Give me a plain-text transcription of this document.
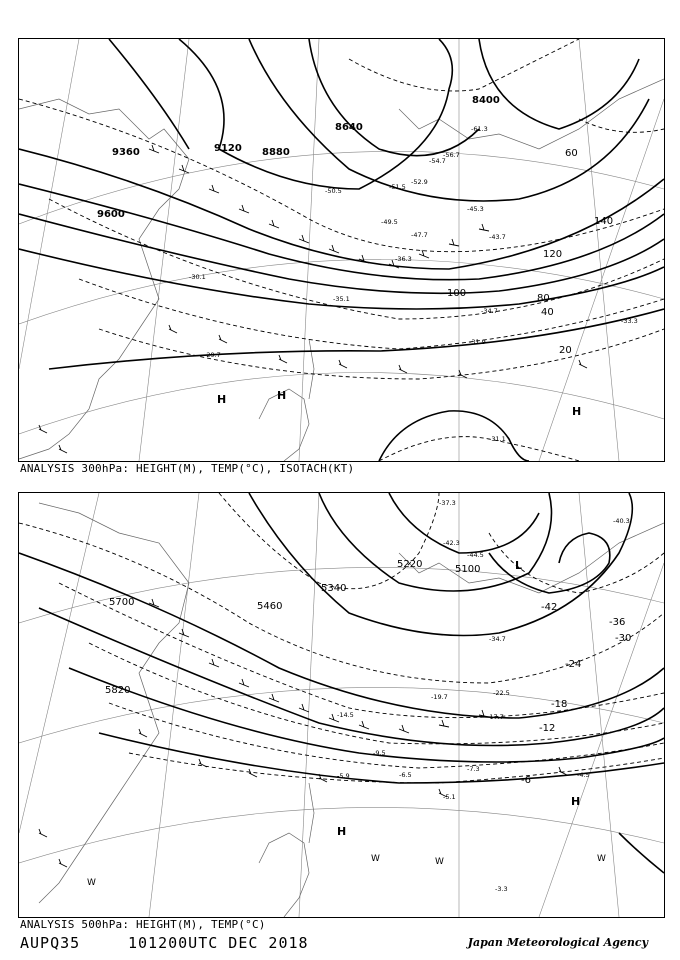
9360	9120 8880
8640
8400
9600
20
40
60
80
100
120
140
H	H
H
-30.1
-29.7
-31.9
-34.7
-33.3
-31.1
-35.1
-36.3
-43.7
-45.3
-47.7
-49.5
-50.5	-51.5
-52.9
-54.7
-56.7
-61.3
ANALYSIS 300hPa: HEIGHT(M), TEMP(°C), ISOTACH(KT)
5700	5460
5340
5220	5100
5820
-42
-36
-30
-24
-18
-12
-6
H
H
L
W	W	W
W
-7.3
-4.5
-5.1
-6.5
-5.9
-9.5
-14.5	-17.7
-19.7	-22.5
-34.7
-37.3
-40.3
-42.3
-44.5
-3.3
ANALYSIS 500hPa: HEIGHT(M), TEMP(°C)
AUPQ35	101200UTC DEC 2018	Japan Meteorological Agency
